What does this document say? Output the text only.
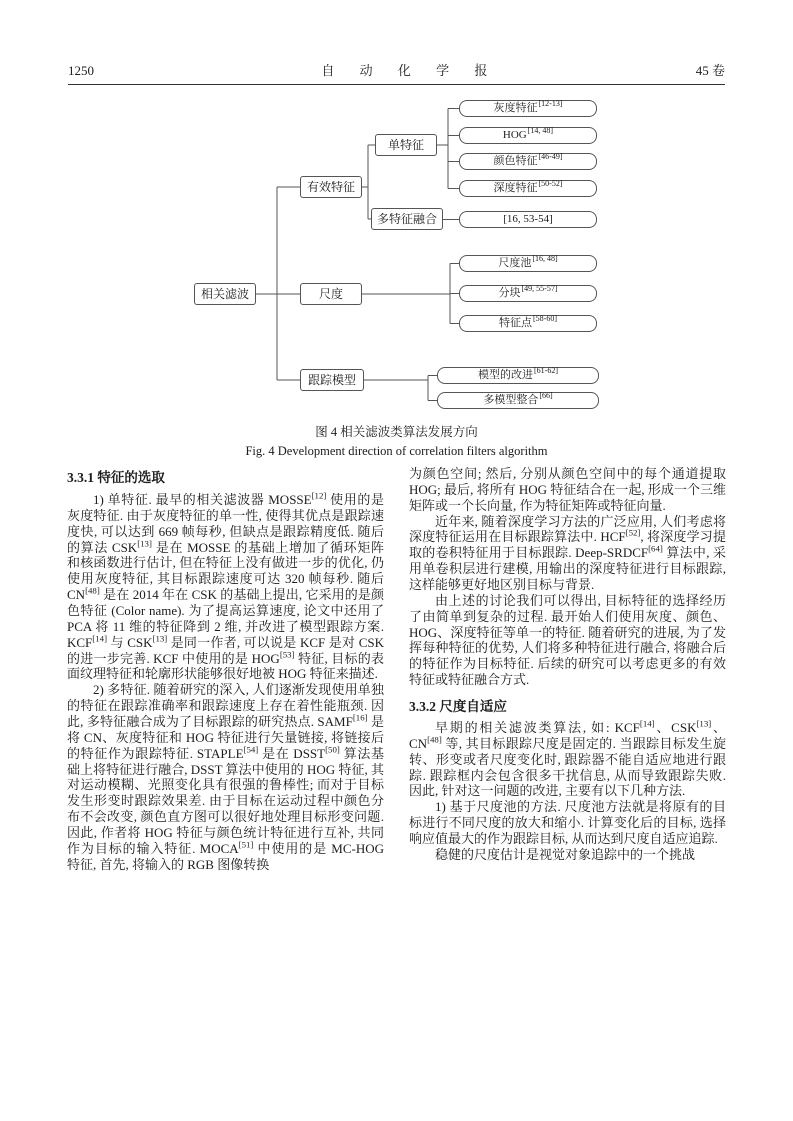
1250	自 动 化 学 报	45 卷
相关滤波
有效特征
单特征
多特征融合
尺度
跟踪模型
灰度特征[12-13]
HOG[14, 48]
颜色特征[46-49]
深度特征[50-52]
[16, 53-54]
尺度池[16, 48]
分块[49, 55-57]
特征点[58-60]
模型的改进[61-62]
多模型整合[66]
图 4 相关滤波类算法发展方向
Fig. 4 Development direction of correlation filters algorithm
3.3.1 特征的选取

1) 单特征. 最早的相关滤波器 MOSSE[12] 使用的是灰度特征. 由于灰度特征的单一性, 使得其优点是跟踪速度快, 可以达到 669 帧每秒, 但缺点是跟踪精度低. 随后的算法 CSK[13] 是在 MOSSE 的基础上增加了循环矩阵和核函数进行估计, 但在特征上没有做进一步的优化, 仍使用灰度特征, 其目标跟踪速度可达 320 帧每秒. 随后 CN[48] 是在 2014 年在 CSK 的基础上提出, 它采用的是颜色特征 (Color name). 为了提高运算速度, 论文中还用了 PCA 将 11 维的特征降到 2 维, 并改进了模型跟踪方案. KCF[14] 与 CSK[13] 是同一作者, 可以说是 KCF 是对 CSK 的进一步完善. KCF 中使用的是 HOG[53] 特征, 目标的表面纹理特征和轮廓形状能够很好地被 HOG 特征来描述.

2) 多特征. 随着研究的深入, 人们逐渐发现使用单独的特征在跟踪准确率和跟踪速度上存在着性能瓶颈. 因此, 多特征融合成为了目标跟踪的研究热点. SAMF[16] 是将 CN、灰度特征和 HOG 特征进行矢量链接, 将链接后的特征作为跟踪特征. STAPLE[54] 是在 DSST[50] 算法基础上将特征进行融合, DSST 算法中使用的 HOG 特征, 其对运动模糊、光照变化具有很强的鲁棒性; 而对于目标发生形变时跟踪效果差. 由于目标在运动过程中颜色分布不会改变, 颜色直方图可以很好地处理目标形变问题. 因此, 作者将 HOG 特征与颜色统计特征进行互补, 共同作为目标的输入特征. MOCA[51] 中使用的是 MC-HOG 特征, 首先, 将输入的 RGB 图像转换

为颜色空间; 然后, 分别从颜色空间中的每个通道提取 HOG; 最后, 将所有 HOG 特征结合在一起, 形成一个三维矩阵或一个长向量, 作为特征矩阵或特征向量.

近年来, 随着深度学习方法的广泛应用, 人们考虑将深度特征运用在目标跟踪算法中. HCF[52], 将深度学习提取的卷积特征用于目标跟踪. Deep-SRDCF[64] 算法中, 采用单卷积层进行建模, 用输出的深度特征进行目标跟踪, 这样能够更好地区别目标与背景.

由上述的讨论我们可以得出, 目标特征的选择经历了由简单到复杂的过程. 最开始人们使用灰度、颜色、HOG、深度特征等单一的特征. 随着研究的进展, 为了发挥每种特征的优势, 人们将多种特征进行融合, 将融合后的特征作为目标特征. 后续的研究可以考虑更多的有效特征或特征融合方式.

3.3.2 尺度自适应

早期的相关滤波类算法, 如: KCF[14]、CSK[13]、CN[48] 等, 其目标跟踪尺度是固定的. 当跟踪目标发生旋转、形变或者尺度变化时, 跟踪器不能自适应地进行跟踪. 跟踪框内会包含很多干扰信息, 从而导致跟踪失败. 因此, 针对这一问题的改进, 主要有以下几种方法.

1) 基于尺度池的方法. 尺度池方法就是将原有的目标进行不同尺度的放大和缩小. 计算变化后的目标, 选择响应值最大的作为跟踪目标, 从而达到尺度自适应追踪.

稳健的尺度估计是视觉对象追踪中的一个挑战
